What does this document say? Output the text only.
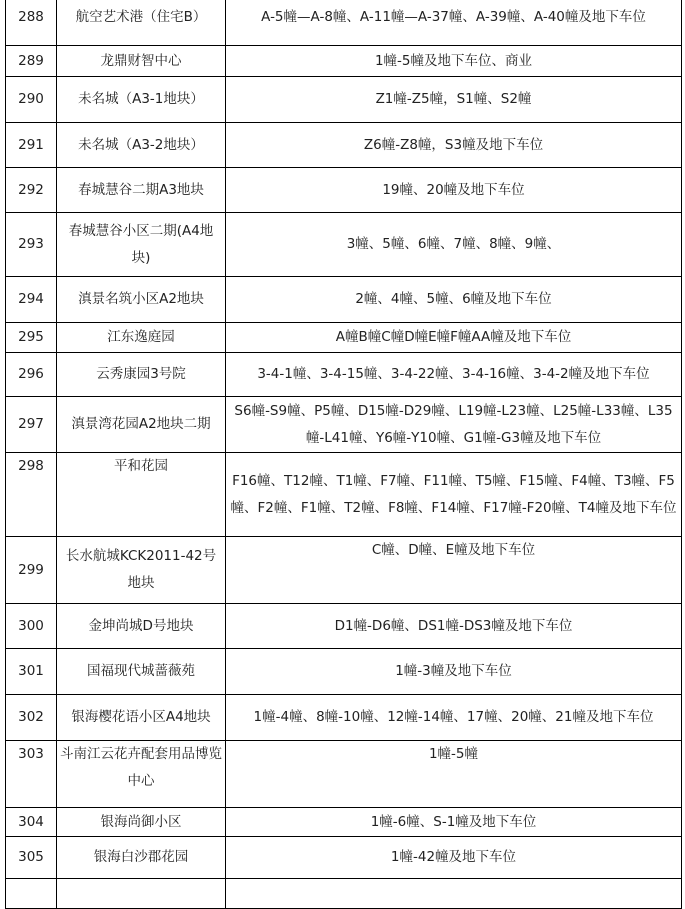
288	航空艺术港（住宅B）	A-5幢—A-8幢、A-11幢—A-37幢、A-39幢、A-40幢及地下车位
289	龙鼎财智中心	1幢-5幢及地下车位、商业
290	未名城（A3-1地块）	Z1幢-Z5幢，S1幢、S2幢
291	未名城（A3-2地块）	Z6幢-Z8幢，S3幢及地下车位
292	春城慧谷二期A3地块	19幢、20幢及地下车位
293	春城慧谷小区二期(A4地块)	3幢、5幢、6幢、7幢、8幢、9幢、
294	滇景名筑小区A2地块	2幢、4幢、5幢、6幢及地下车位
295	江东逸庭园	A幢B幢C幢D幢E幢F幢AA幢及地下车位
296	云秀康园3号院	3-4-1幢、3-4-15幢、3-4-22幢、3-4-16幢、3-4-2幢及地下车位
297	滇景湾花园A2地块二期	S6幢-S9幢、P5幢、D15幢-D29幢、L19幢-L23幢、L25幢-L33幢、L35幢-L41幢、Y6幢-Y10幢、G1幢-G3幢及地下车位
298	平和花园	F16幢、T12幢、T1幢、F7幢、F11幢、T5幢、F15幢、F4幢、T3幢、F5幢、F2幢、F1幢、T2幢、F8幢、F14幢、F17幢-F20幢、T4幢及地下车位
299	长水航城KCK2011-42号地块	C幢、D幢、E幢及地下车位
300	金坤尚城D号地块	D1幢-D6幢、DS1幢-DS3幢及地下车位
301	国福现代城蔷薇苑	1幢-3幢及地下车位
302	银海樱花语小区A4地块	1幢-4幢、8幢-10幢、12幢-14幢、17幢、20幢、21幢及地下车位
303	斗南江云花卉配套用品博览中心	1幢-5幢
304	银海尚御小区	1幢-6幢、S-1幢及地下车位
305	银海白沙郡花园	1幢-42幢及地下车位
